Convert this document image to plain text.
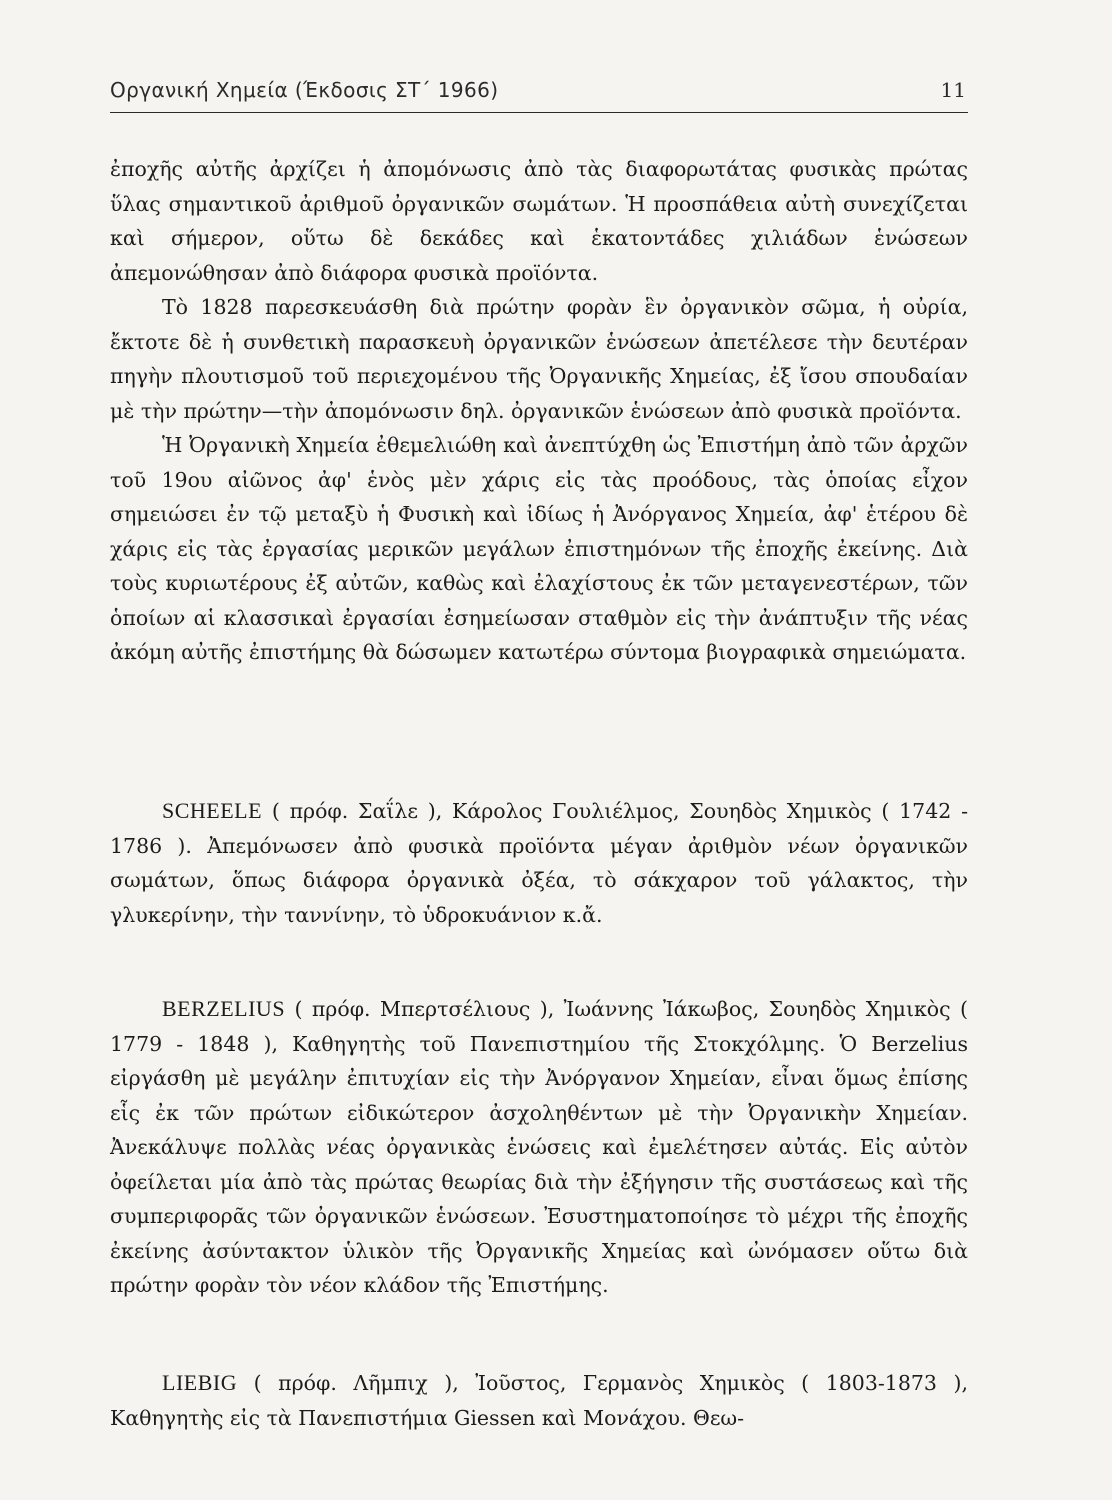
Οργανική Χημεία (Έκδοσις ΣΤ΄ 1966)	11

ἐποχῆς αὐτῆς ἀρχίζει ἡ ἀπομόνωσις ἀπὸ τὰς διαφορωτάτας φυσικὰς πρώτας ὕλας σημαντικοῦ ἀριθμοῦ ὀργανικῶν σωμάτων. Ἡ προσπάθεια αὐτὴ συνεχίζεται καὶ σήμερον, οὕτω δὲ δεκάδες καὶ ἑκατοντάδες χιλιάδων ἑνώσεων ἀπεμονώθησαν ἀπὸ διάφορα φυσικὰ προϊόντα.

Τὸ 1828 παρεσκευάσθη διὰ πρώτην φορὰν ἓν ὀργανικὸν σῶμα, ἡ οὐρία, ἔκτοτε δὲ ἡ συνθετικὴ παρασκευὴ ὀργανικῶν ἑνώσεων ἀπετέλεσε τὴν δευτέραν πηγὴν πλουτισμοῦ τοῦ περιεχομένου τῆς Ὀργανικῆς Χημείας, ἐξ ἴσου σπουδαίαν μὲ τὴν πρώτην—τὴν ἀπομόνωσιν δηλ. ὀργανικῶν ἑνώσεων ἀπὸ φυσικὰ προϊόντα.

Ἡ Ὀργανικὴ Χημεία ἐθεμελιώθη καὶ ἀνεπτύχθη ὡς Ἐπιστήμη ἀπὸ τῶν ἀρχῶν τοῦ 19ου αἰῶνος ἀφ' ἑνὸς μὲν χάρις εἰς τὰς προόδους, τὰς ὁποίας εἶχον σημειώσει ἐν τῷ μεταξὺ ἡ Φυσικὴ καὶ ἰδίως ἡ Ἀνόργανος Χημεία, ἀφ' ἑτέρου δὲ χάρις εἰς τὰς ἐργασίας μερικῶν μεγάλων ἐπιστημόνων τῆς ἐποχῆς ἐκείνης. Διὰ τοὺς κυριωτέρους ἐξ αὐτῶν, καθὼς καὶ ἐλαχίστους ἐκ τῶν μεταγενεστέρων, τῶν ὁποίων αἱ κλασσικαὶ ἐργασίαι ἐσημείωσαν σταθμὸν εἰς τὴν ἀνάπτυξιν τῆς νέας ἀκόμη αὐτῆς ἐπιστήμης θὰ δώσωμεν κατωτέρω σύντομα βιογραφικὰ σημειώματα.

SCHEELE ( πρόφ. Σαΐλε ), Κάρολος Γουλιέλμος, Σουηδὸς Χημικὸς ( 1742 - 1786 ). Ἀπεμόνωσεν ἀπὸ φυσικὰ προϊόντα μέγαν ἀριθμὸν νέων ὀργανικῶν σωμάτων, ὅπως διάφορα ὀργανικὰ ὀξέα, τὸ σάκχαρον τοῦ γάλακτος, τὴν γλυκερίνην, τὴν ταννίνην, τὸ ὑδροκυάνιον κ.ἄ.

BERZELIUS ( πρόφ. Μπερτσέλιους ), Ἰωάννης Ἰάκωβος, Σουηδὸς Χημικὸς ( 1779 - 1848 ), Καθηγητὴς τοῦ Πανεπιστημίου τῆς Στοκχόλμης. Ὁ Berzelius εἰργάσθη μὲ μεγάλην ἐπιτυχίαν εἰς τὴν Ἀνόργανον Χημείαν, εἶναι ὅμως ἐπίσης εἷς ἐκ τῶν πρώτων εἰδικώτερον ἀσχοληθέντων μὲ τὴν Ὀργανικὴν Χημείαν. Ἀνεκάλυψε πολλὰς νέας ὀργανικὰς ἑνώσεις καὶ ἐμελέτησεν αὐτάς. Εἰς αὐτὸν ὀφείλεται μία ἀπὸ τὰς πρώτας θεωρίας διὰ τὴν ἐξήγησιν τῆς συστάσεως καὶ τῆς συμπεριφορᾶς τῶν ὀργανικῶν ἑνώσεων. Ἐσυστηματοποίησε τὸ μέχρι τῆς ἐποχῆς ἐκείνης ἀσύντακτον ὑλικὸν τῆς Ὀργανικῆς Χημείας καὶ ὠνόμασεν οὕτω διὰ πρώτην φορὰν τὸν νέον κλάδον τῆς Ἐπιστήμης.

LIEBIG ( πρόφ. Λῆμπιχ ), Ἰοῦστος, Γερμανὸς Χημικὸς ( 1803-1873 ), Καθηγητὴς εἰς τὰ Πανεπιστήμια Giessen καὶ Μονάχου. Θεω-
